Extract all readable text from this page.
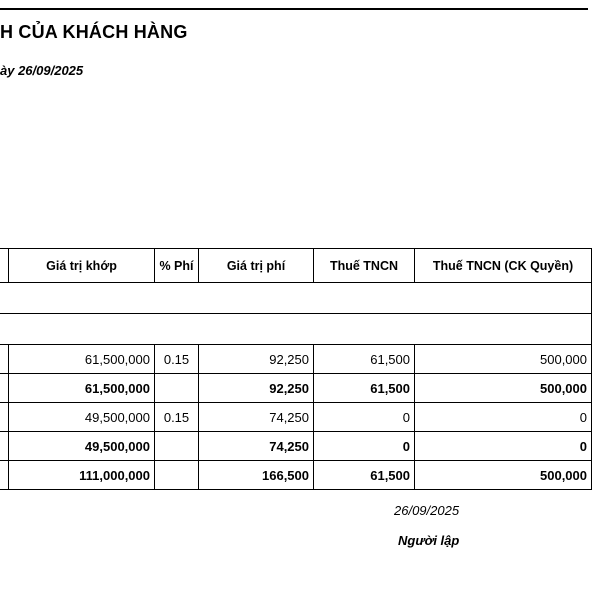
H CỦA KHÁCH HÀNG
ày 26/09/2025
	Giá trị khớp	% Phí	Giá trị phí	Thuế TNCN	Thuế TNCN (CK Quyền)

	61,500,000	0.15	92,250	61,500	500,000
	61,500,000		92,250	61,500	500,000
	49,500,000	0.15	74,250	0	0
	49,500,000		74,250	0	0
	111,000,000		166,500	61,500	500,000
26/09/2025
Người lập
